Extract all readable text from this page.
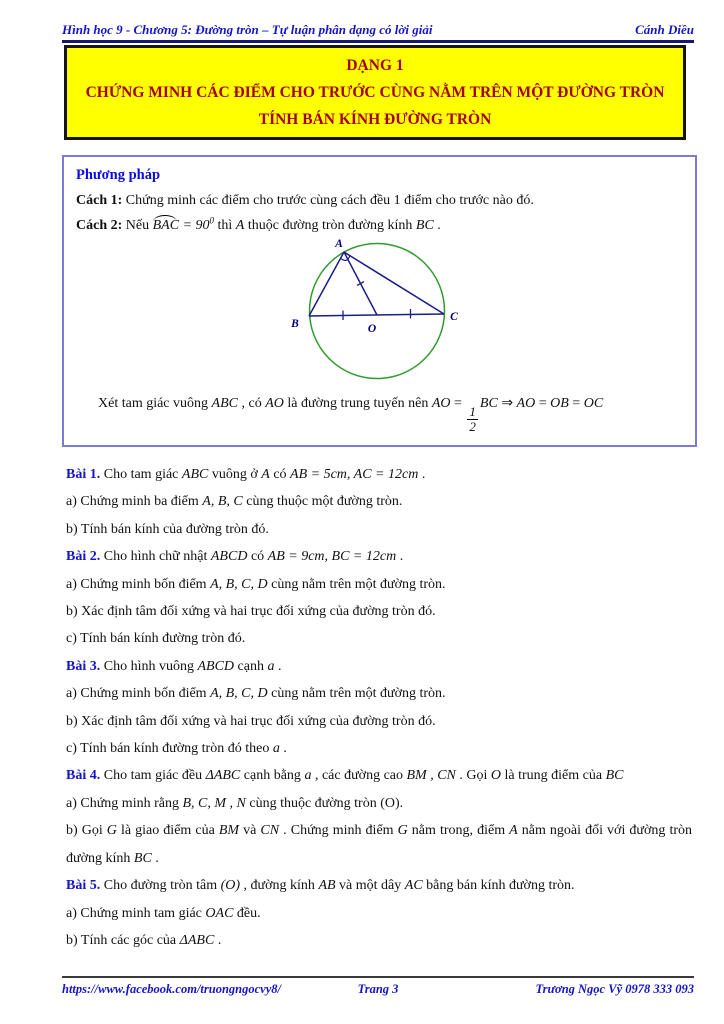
Hình học 9 - Chương 5: Đường tròn – Tự luận phân dạng có lời giải	Cánh Diều
DẠNG 1
CHỨNG MINH CÁC ĐIỂM CHO TRƯỚC CÙNG NẰM TRÊN MỘT ĐƯỜNG TRÒN
TÍNH BÁN KÍNH ĐƯỜNG TRÒN
Phương pháp
Cách 1: Chứng minh các điểm cho trước cùng cách đều 1 điểm cho trước nào đó.
Cách 2: Nếu BAC = $90^0$ thì A thuộc đường tròn đường kính BC .
A
B
C
O
Xét tam giác vuông ABC , có AO là đường trung tuyến nên AO =
$\frac{1}{2}$
BC ⇒ AO = OB = OC
Bài 1. Cho tam giác ABC vuông ở A có AB = 5cm, AC = 12cm .
a) Chứng minh ba điểm A, B, C cùng thuộc một đường tròn.
b) Tính bán kính của đường tròn đó.
Bài 2. Cho hình chữ nhật ABCD có AB = 9cm, BC = 12cm .
a) Chứng minh bốn điểm A, B, C, D cùng nằm trên một đường tròn.
b) Xác định tâm đối xứng và hai trục đối xứng của đường tròn đó.
c) Tính bán kính đường tròn đó.
Bài 3. Cho hình vuông ABCD cạnh a .
a) Chứng minh bốn điểm A, B, C, D cùng nằm trên một đường tròn.
b) Xác định tâm đối xứng và hai trục đối xứng của đường tròn đó.
c) Tính bán kính đường tròn đó theo a .
Bài 4. Cho tam giác đều ΔABC cạnh bằng a , các đường cao BM , CN . Gọi O là trung điểm của BC
a) Chứng minh rằng B, C, M , N cùng thuộc đường tròn (O).
b) Gọi G là giao điểm của BM và CN . Chứng minh điểm G nằm trong, điểm A nằm ngoài đối với đường tròn đường kính BC .
Bài 5. Cho đường tròn tâm (O) , đường kính AB và một dây AC bằng bán kính đường tròn.
a) Chứng minh tam giác OAC đều.
b) Tính các góc của ΔABC .
https://www.facebook.com/truongngocvy8/	Trang 3	Trương Ngọc Vỹ 0978 333 093
